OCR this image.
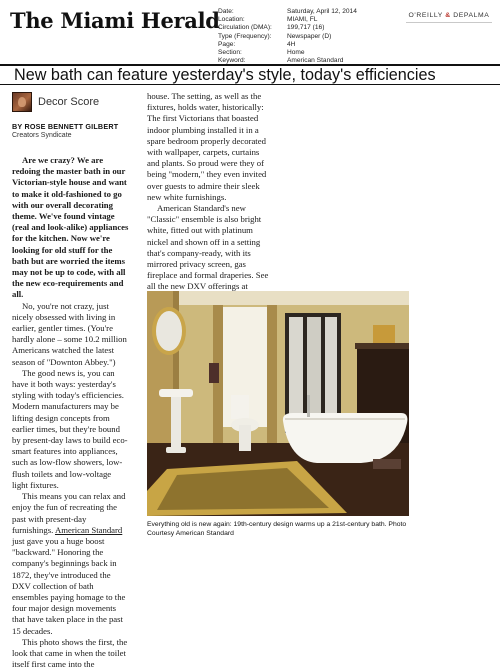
The Miami Herald
Date:
Location:
Circulation (DMA):
Type (Frequency):
Page:
Section:
Keyword:
Saturday, April 12, 2014
MIAMI, FL
199,717 (16)
Newspaper (D)
4H
Home
American Standard
O'REILLY & DEPALMA
New bath can feature yesterday's style, today's efficiencies
Decor Score
BY ROSE BENNETT GILBERT
Creators Syndicate

Are we crazy? We are redoing the master bath in our Victorian-style house and want to make it old-fashioned to go with our overall decorating theme. We've found vintage (real and look-alike) appliances for the kitchen. Now we're looking for old stuff for the bath but are worried the items may not be up to code, with all the new eco-requirements and all.

No, you're not crazy, just nicely obsessed with living in earlier, gentler times. (You're hardly alone – some 10.2 million Americans watched the latest season of "Downton Abbey.")

The good news is, you can have it both ways: yesterday's styling with today's efficiencies. Modern manufacturers may be lifting design concepts from earlier times, but they're bound by present-day laws to build eco-smart features into appliances, such as low-flow showers, low-flush toilets and low-voltage light fixtures.

This means you can relax and enjoy the fun of recreating the past with present-day furnishings. American Standard just gave you a huge boost "backward." Honoring the company's beginnings back in 1872, they've introduced the DXV collection of bath ensembles paying homage to the four major design movements that have taken place in the past 15 decades.

This photo shows the first, the look that came in when the toilet itself first came into the

house. The setting, as well as the fixtures, holds water, historically: The first Victorians that boasted indoor plumbing installed it in a spare bedroom properly decorated with wallpaper, carpets, curtains and plants. So proud were they of being "modern," they even invited over guests to admire their sleek new white furnishings.

American Standard's new "Classic" ensemble is also bright white, fitted out with platinum nickel and shown off in a setting that's company-ready, with its mirrored privacy screen, gas fireplace and formal draperies. See all the new DXV offerings at

Everything old is new again: 19th-century design warms up a 21st-century bath. Photo Courtesy American Standard
